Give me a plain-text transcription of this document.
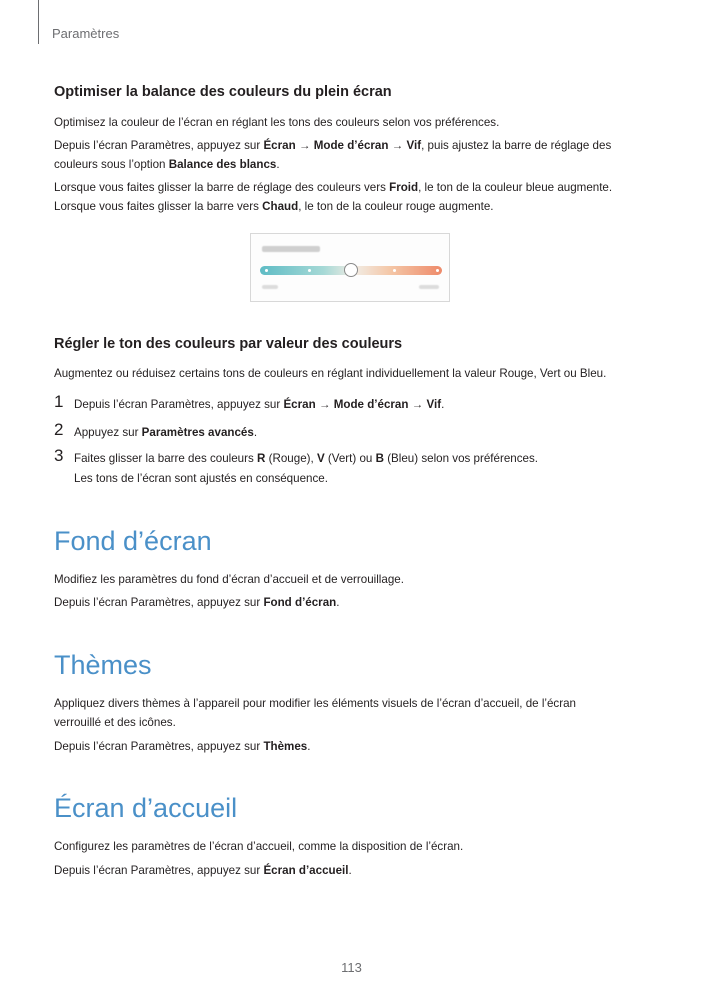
Paramètres
Optimiser la balance des couleurs du plein écran

Optimisez la couleur de l’écran en réglant les tons des couleurs selon vos préférences.

Depuis l’écran Paramètres, appuyez sur Écran → Mode d’écran → Vif, puis ajustez la barre de réglage des

couleurs sous l’option Balance des blancs.

Lorsque vous faites glisser la barre de réglage des couleurs vers Froid, le ton de la couleur bleue augmente.

Lorsque vous faites glisser la barre vers Chaud, le ton de la couleur rouge augmente.

Régler le ton des couleurs par valeur des couleurs

Augmentez ou réduisez certains tons de couleurs en réglant individuellement la valeur Rouge, Vert ou Bleu.

1 Depuis l’écran Paramètres, appuyez sur Écran → Mode d’écran → Vif.
2 Appuyez sur Paramètres avancés.
3 Faites glisser la barre des couleurs R (Rouge), V (Vert) ou B (Bleu) selon vos préférences.
Les tons de l’écran sont ajustés en conséquence.
Fond d’écran

Modifiez les paramètres du fond d’écran d’accueil et de verrouillage.

Depuis l’écran Paramètres, appuyez sur Fond d’écran.

Thèmes

Appliquez divers thèmes à l’appareil pour modifier les éléments visuels de l’écran d’accueil, de l’écran

verrouillé et des icônes.

Depuis l’écran Paramètres, appuyez sur Thèmes.

Écran d’accueil

Configurez les paramètres de l’écran d’accueil, comme la disposition de l’écran.

Depuis l’écran Paramètres, appuyez sur Écran d’accueil.

113
